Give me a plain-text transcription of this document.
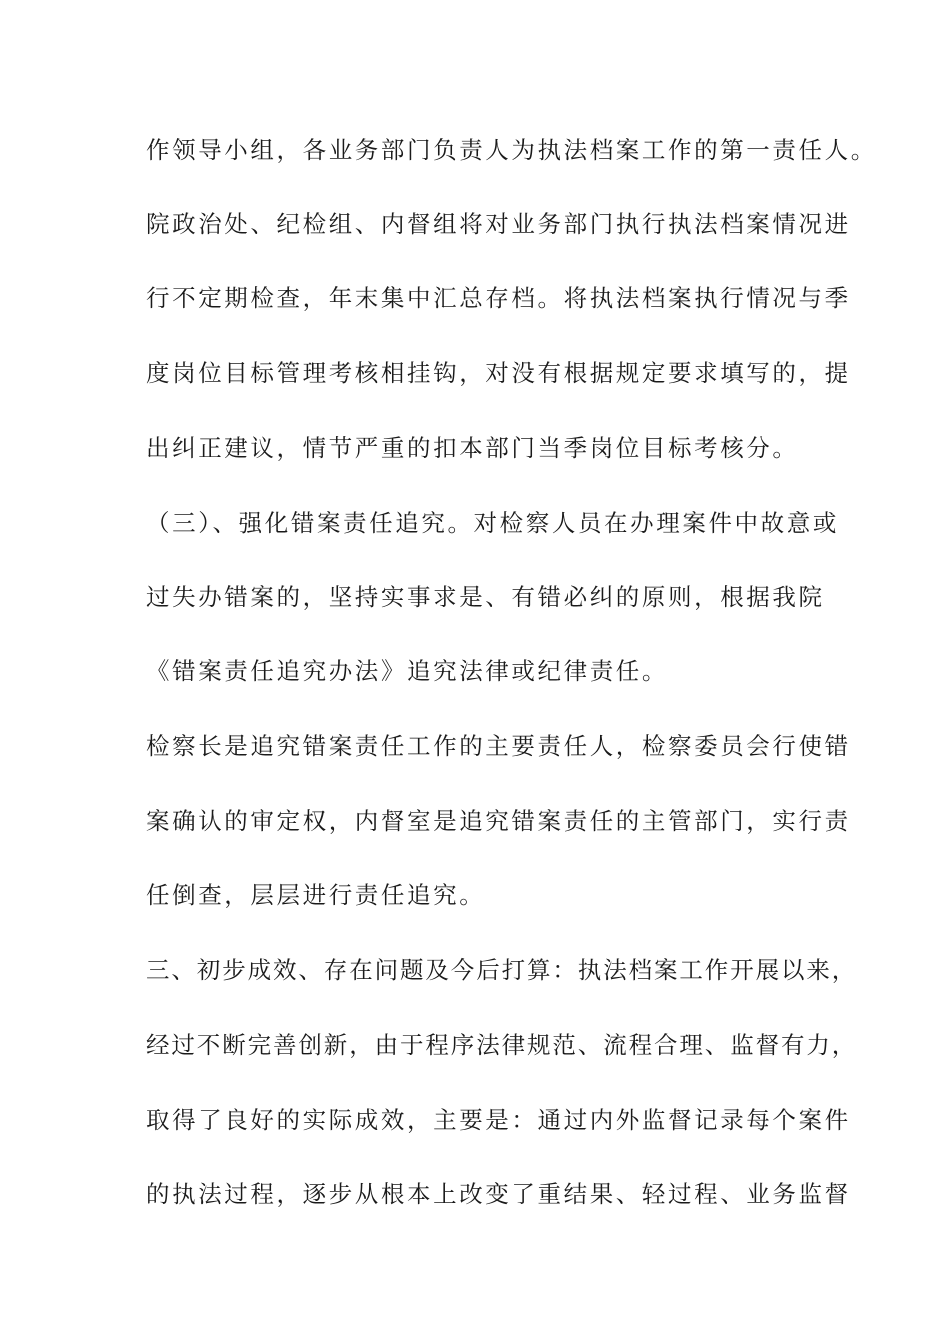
作领导小组，各业务部门负责人为执法档案工作的第一责任人。

院政治处、纪检组、内督组将对业务部门执行执法档案情况进

行不定期检查，年末集中汇总存档。将执法档案执行情况与季

度岗位目标管理考核相挂钩，对没有根据规定要求填写的，提

出纠正建议，情节严重的扣本部门当季岗位目标考核分。

（三）、强化错案责任追究。对检察人员在办理案件中故意或

过失办错案的，坚持实事求是、有错必纠的原则，根据我院

《错案责任追究办法》追究法律或纪律责任。

检察长是追究错案责任工作的主要责任人，检察委员会行使错

案确认的审定权，内督室是追究错案责任的主管部门，实行责

任倒查，层层进行责任追究。

三、初步成效、存在问题及今后打算：执法档案工作开展以来，

经过不断完善创新，由于程序法律规范、流程合理、监督有力，

取得了良好的实际成效，主要是：通过内外监督记录每个案件

的执法过程，逐步从根本上改变了重结果、轻过程、业务监督
